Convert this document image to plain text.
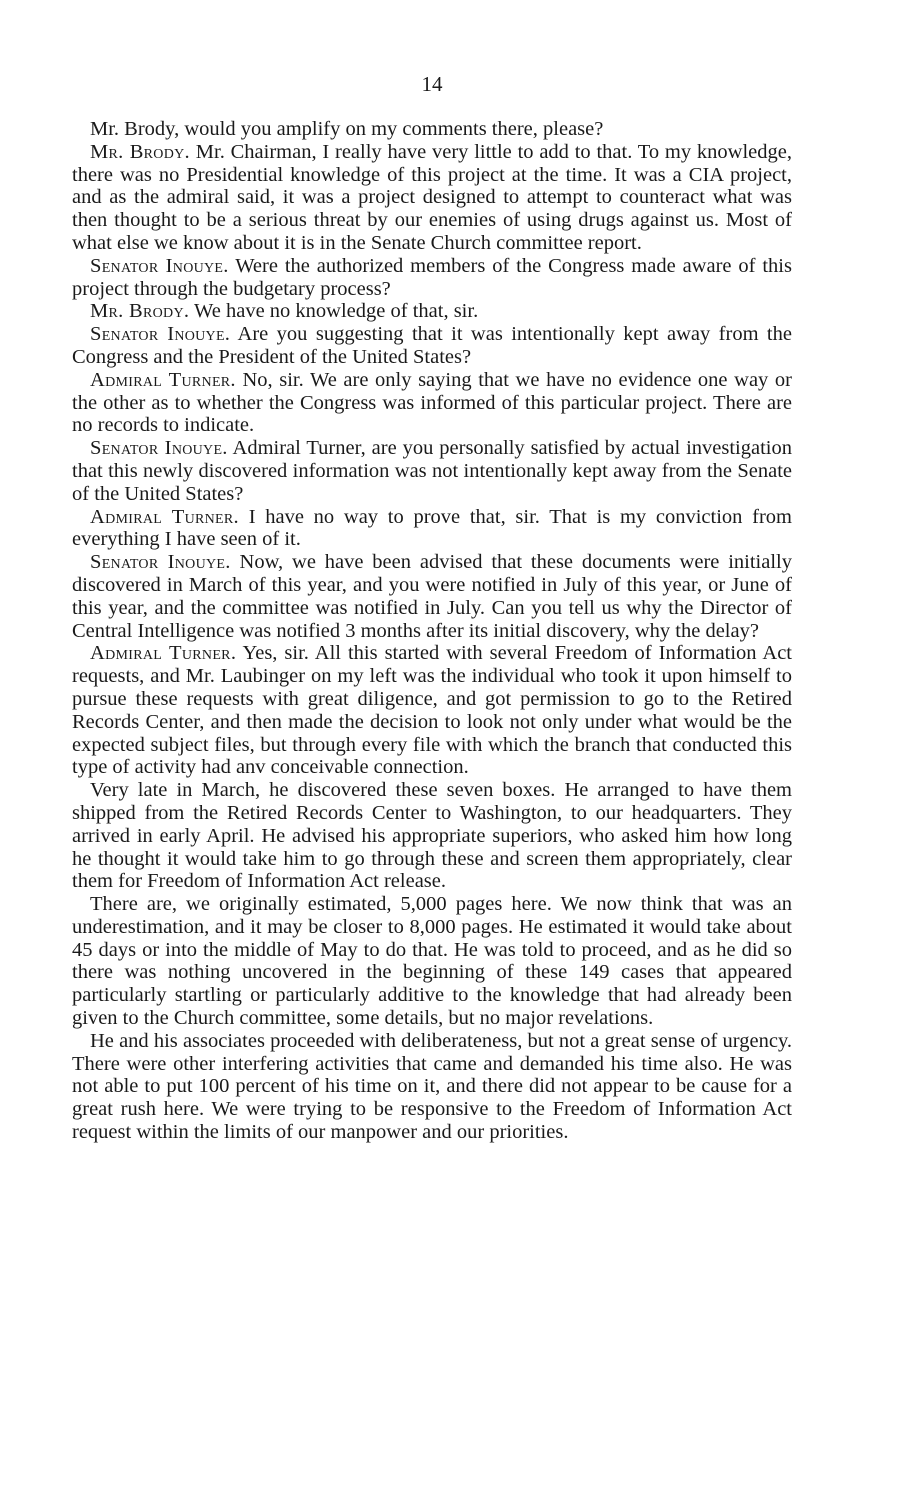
14

Mr. Brody, would you amplify on my comments there, please?

Mr. Brody. Mr. Chairman, I really have very little to add to that. To my knowledge, there was no Presidential knowledge of this project at the time. It was a CIA project, and as the admiral said, it was a project designed to attempt to counteract what was then thought to be a serious threat by our enemies of using drugs against us. Most of what else we know about it is in the Senate Church committee report.

Senator Inouye. Were the authorized members of the Congress made aware of this project through the budgetary process?

Mr. Brody. We have no knowledge of that, sir.

Senator Inouye. Are you suggesting that it was intentionally kept away from the Congress and the President of the United States?

Admiral Turner. No, sir. We are only saying that we have no evidence one way or the other as to whether the Congress was informed of this particular project. There are no records to indicate.

Senator Inouye. Admiral Turner, are you personally satisfied by actual investigation that this newly discovered information was not intentionally kept away from the Senate of the United States?

Admiral Turner. I have no way to prove that, sir. That is my conviction from everything I have seen of it.

Senator Inouye. Now, we have been advised that these documents were initially discovered in March of this year, and you were notified in July of this year, or June of this year, and the committee was notified in July. Can you tell us why the Director of Central Intelligence was notified 3 months after its initial discovery, why the delay?

Admiral Turner. Yes, sir. All this started with several Freedom of Information Act requests, and Mr. Laubinger on my left was the individual who took it upon himself to pursue these requests with great diligence, and got permission to go to the Retired Records Center, and then made the decision to look not only under what would be the expected subject files, but through every file with which the branch that conducted this type of activity had anv conceivable connection.

Very late in March, he discovered these seven boxes. He arranged to have them shipped from the Retired Records Center to Washington, to our headquarters. They arrived in early April. He advised his appropriate superiors, who asked him how long he thought it would take him to go through these and screen them appropriately, clear them for Freedom of Information Act release.

There are, we originally estimated, 5,000 pages here. We now think that was an underestimation, and it may be closer to 8,000 pages. He estimated it would take about 45 days or into the middle of May to do that. He was told to proceed, and as he did so there was nothing uncovered in the beginning of these 149 cases that appeared particularly startling or particularly additive to the knowledge that had already been given to the Church committee, some details, but no major revelations.

He and his associates proceeded with deliberateness, but not a great sense of urgency. There were other interfering activities that came and demanded his time also. He was not able to put 100 percent of his time on it, and there did not appear to be cause for a great rush here. We were trying to be responsive to the Freedom of Information Act request within the limits of our manpower and our priorities.
